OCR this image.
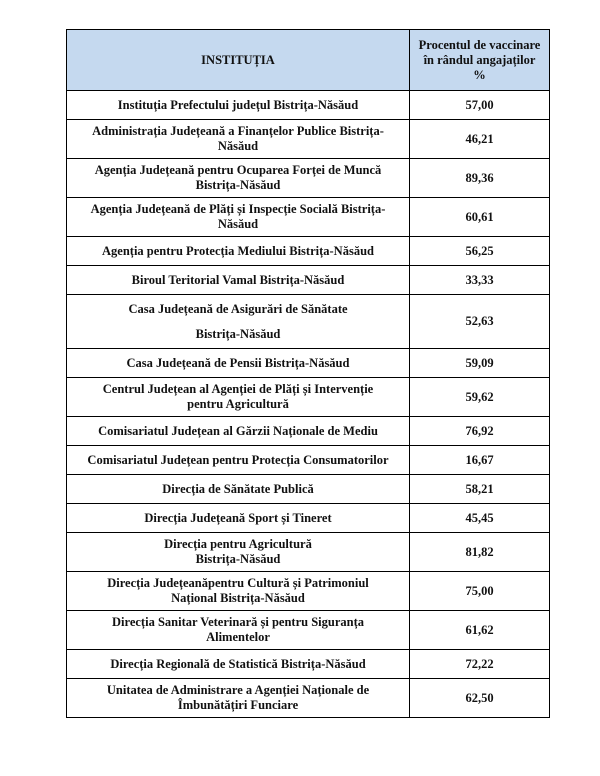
INSTITUȚIA	Procentul de vaccinare
în rândul angajaților
%

Instituția Prefectului județul Bistrița-Năsăud	57,00

Administrația Județeană a Finanțelor Publice Bistrița-
Năsăud	46,21

Agenția Județeană pentru Ocuparea Forței de Muncă
Bistrița-Năsăud	89,36

Agenția Județeană de Plăți și Inspecție Socială Bistrița-
Năsăud	60,61

Agenția pentru Protecția Mediului Bistrița-Năsăud	56,25

Biroul Teritorial Vamal Bistrița-Năsăud	33,33

Casa Județeană de Asigurări de Sănătate
Bistrița-Năsăud	52,63

Casa Județeană de Pensii Bistrița-Năsăud	59,09

Centrul Județean al Agenției de Plăți și Intervenție
pentru Agricultură	59,62

Comisariatul Județean al Gărzii Naționale de Mediu	76,92

Comisariatul Județean pentru Protecția Consumatorilor	16,67

Direcția de Sănătate Publică	58,21

Direcția Județeană Sport și Tineret	45,45

Direcția pentru Agricultură
Bistrița-Năsăud	81,82

Direcția Județeanăpentru Cultură și Patrimoniul
Național Bistrița-Năsăud	75,00

Direcția Sanitar Veterinară și pentru Siguranța
Alimentelor	61,62

Direcția Regională de Statistică Bistrița-Năsăud	72,22

Unitatea de Administrare a Agenției Naționale de
Îmbunătățiri Funciare	62,50
